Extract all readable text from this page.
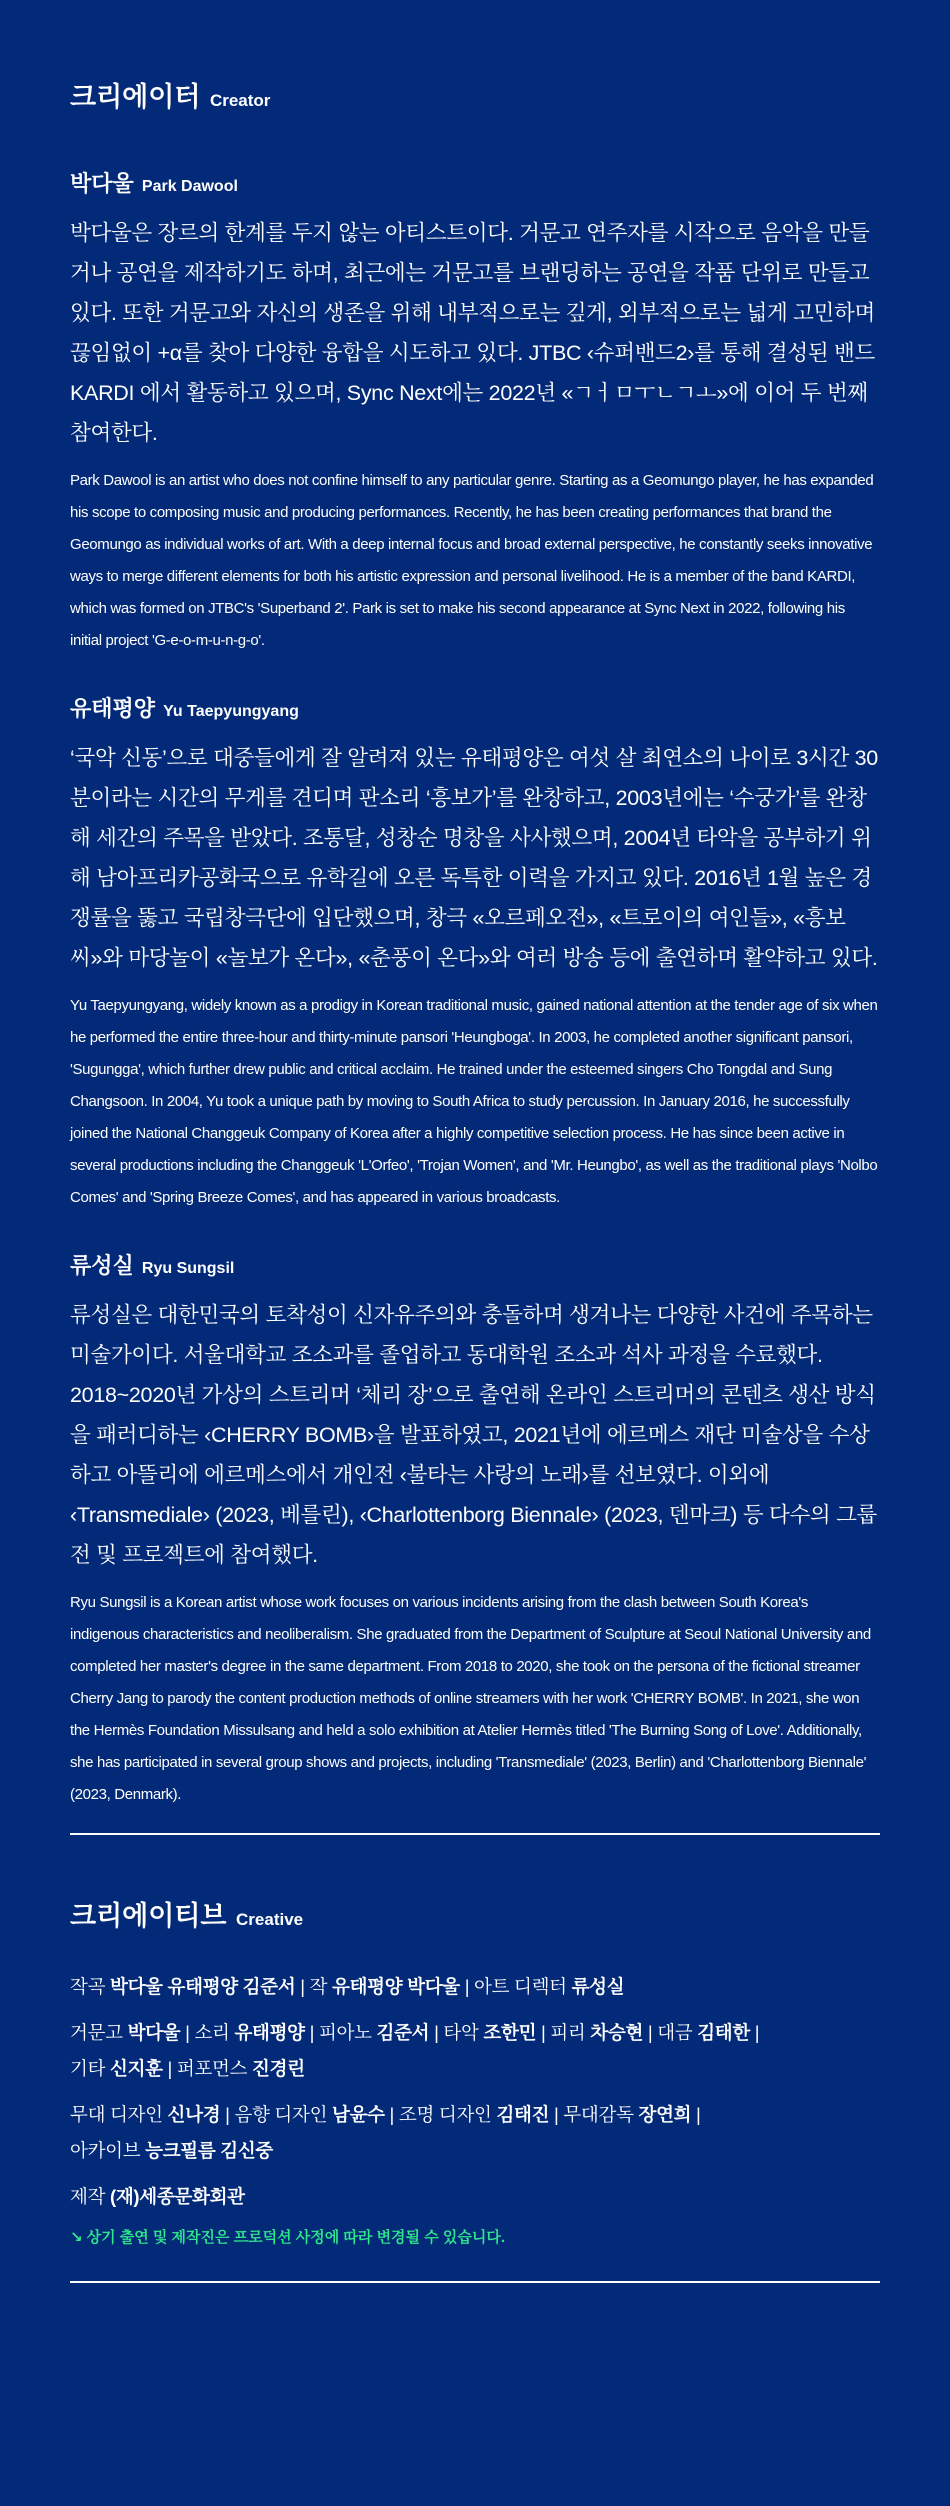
크리에이터 Creator
박다울 Park Dawool

박다울은 장르의 한계를 두지 않는 아티스트이다. 거문고 연주자를 시작으로 음악을 만들거나 공연을 제작하기도 하며, 최근에는 거문고를 브랜딩하는 공연을 작품 단위로 만들고 있다. 또한 거문고와 자신의 생존을 위해 내부적으로는 깊게, 외부적으로는 넓게 고민하며 끊임없이 +α를 찾아 다양한 융합을 시도하고 있다. JTBC ‹슈퍼밴드2›를 통해 결성된 밴드 KARDI 에서 활동하고 있으며, Sync Next에는 2022년 «ㄱㅓㅁㅜㄴㄱㅗ»에 이어 두 번째 참여한다.

Park Dawool is an artist who does not confine himself to any particular genre. Starting as a Geomungo player, he has expanded his scope to composing music and producing performances. Recently, he has been creating performances that brand the Geomungo as individual works of art. With a deep internal focus and broad external perspective, he constantly seeks innovative ways to merge different elements for both his artistic expression and personal livelihood. He is a member of the band KARDI, which was formed on JTBC's 'Superband 2'. Park is set to make his second appearance at Sync Next in 2022, following his initial project 'G-e-o-m-u-n-g-o'.

유태평양 Yu Taepyungyang

‘국악 신동’으로 대중들에게 잘 알려져 있는 유태평양은 여섯 살 최연소의 나이로 3시간 30분이라는 시간의 무게를 견디며 판소리 ‘흥보가’를 완창하고, 2003년에는 ‘수궁가’를 완창해 세간의 주목을 받았다. 조통달, 성창순 명창을 사사했으며, 2004년 타악을 공부하기 위해 남아프리카공화국으로 유학길에 오른 독특한 이력을 가지고 있다. 2016년 1월 높은 경쟁률을 뚫고 국립창극단에 입단했으며, 창극 «오르페오전», «트로이의 여인들», «흥보씨»와 마당놀이 «놀보가 온다», «춘풍이 온다»와 여러 방송 등에 출연하며 활약하고 있다.

Yu Taepyungyang, widely known as a prodigy in Korean traditional music, gained national attention at the tender age of six when he performed the entire three-hour and thirty-minute pansori 'Heungboga'. In 2003, he completed another significant pansori, 'Sugungga', which further drew public and critical acclaim. He trained under the esteemed singers Cho Tongdal and Sung Changsoon. In 2004, Yu took a unique path by moving to South Africa to study percussion. In January 2016, he successfully joined the National Changgeuk Company of Korea after a highly competitive selection process. He has since been active in several productions including the Changgeuk 'L'Orfeo', 'Trojan Women', and 'Mr. Heungbo', as well as the traditional plays 'Nolbo Comes' and 'Spring Breeze Comes', and has appeared in various broadcasts.

류성실 Ryu Sungsil

류성실은 대한민국의 토착성이 신자유주의와 충돌하며 생겨나는 다양한 사건에 주목하는 미술가이다. 서울대학교 조소과를 졸업하고 동대학원 조소과 석사 과정을 수료했다. 2018~2020년 가상의 스트리머 ‘체리 장’으로 출연해 온라인 스트리머의 콘텐츠 생산 방식을 패러디하는 ‹CHERRY BOMB›을 발표하였고, 2021년에 에르메스 재단 미술상을 수상하고 아뜰리에 에르메스에서 개인전 ‹불타는 사랑의 노래›를 선보였다. 이외에 ‹Transmediale› (2023, 베를린), ‹Charlottenborg Biennale› (2023, 덴마크) 등 다수의 그룹전 및 프로젝트에 참여했다.

Ryu Sungsil is a Korean artist whose work focuses on various incidents arising from the clash between South Korea's indigenous characteristics and neoliberalism. She graduated from the Department of Sculpture at Seoul National University and completed her master's degree in the same department. From 2018 to 2020, she took on the persona of the fictional streamer Cherry Jang to parody the content production methods of online streamers with her work 'CHERRY BOMB'. In 2021, she won the Hermès Foundation Missulsang and held a solo exhibition at Atelier Hermès titled 'The Burning Song of Love'. Additionally, she has participated in several group shows and projects, including 'Transmediale' (2023, Berlin) and 'Charlottenborg Biennale' (2023, Denmark).

크리에이티브 Creative
작곡 박다울 유태평양 김준서 | 작 유태평양 박다울 | 아트 디렉터 류성실
거문고 박다울 | 소리 유태평양 | 피아노 김준서 | 타악 조한민 | 피리 차승현 | 대금 김태한 |
기타 신지훈 | 퍼포먼스 진경린
무대 디자인 신나경 | 음향 디자인 남윤수 | 조명 디자인 김태진 | 무대감독 장연희 |
아카이브 능크필름 김신중
제작 (재)세종문화회관
↘ 상기 출연 및 제작진은 프로덕션 사정에 따라 변경될 수 있습니다.
